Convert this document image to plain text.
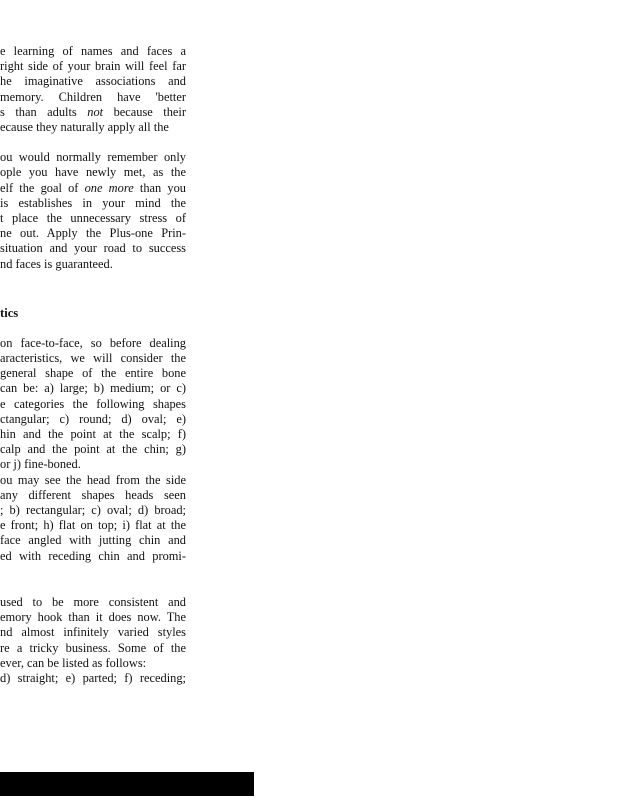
e learning of names and faces a
right side of your brain will feel far
he imaginative associations and
memory. Children have 'better
s than adults not because their
ecause they naturally apply all the

ou would normally remember only
ople you have newly met, as the
elf the goal of one more than you
is establishes in your mind the
t place the unnecessary stress of
ne out. Apply the Plus-one Prin-
situation and your road to success
nd faces is guaranteed.

tics

on face-to-face, so before dealing
aracteristics, we will consider the
general shape of the entire bone
can be: a) large; b) medium; or c)
e categories the following shapes
ctangular; c) round; d) oval; e)
hin and the point at the scalp; f)
calp and the point at the chin; g)
or j) fine-boned.
ou may see the head from the side
any different shapes heads seen
; b) rectangular; c) oval; d) broad;
e front; h) flat on top; i) flat at the
face angled with jutting chin and
ed with receding chin and promi-

used to be more consistent and
emory hook than it does now. The
nd almost infinitely varied styles
re a tricky business. Some of the
ever, can be listed as follows:
d) straight; e) parted; f) receding;
